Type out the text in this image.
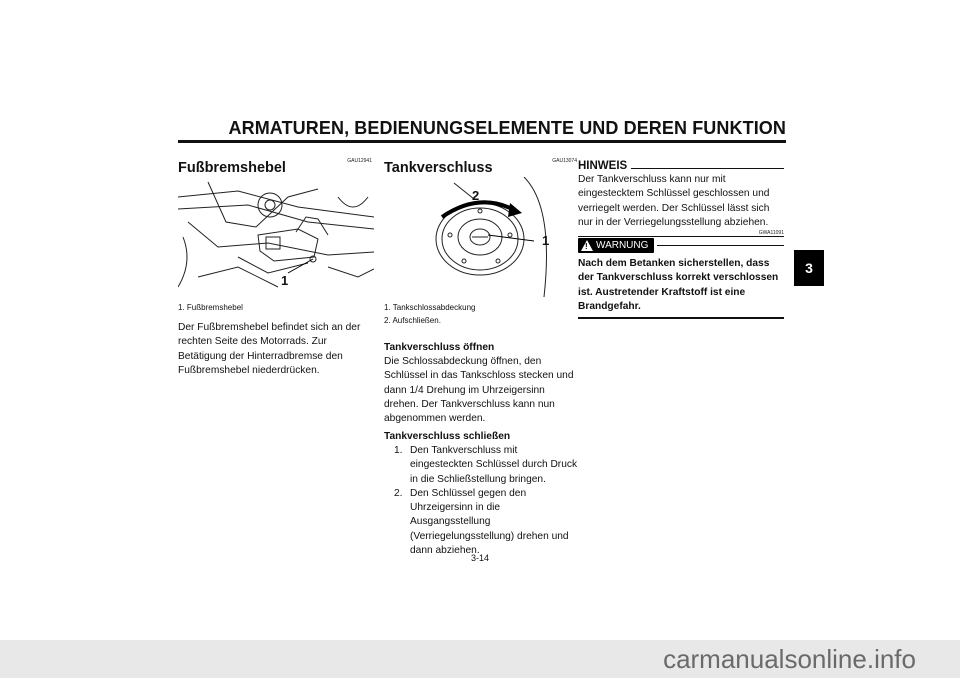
ARMATUREN, BEDIENUNGSELEMENTE UND DEREN FUNKTION
3
GAU12941
Fußbremshebel
1
1. Fußbremshebel
Der Fußbremshebel befindet sich an der rechten Seite des Motorrads. Zur Betätigung der Hinterradbremse den Fußbremshebel niederdrücken.
GAU13074
Tankverschluss
2
1
1. Tankschlossabdeckung
2. Aufschließen.
Tankverschluss öffnen
Die Schlossabdeckung öffnen, den Schlüssel in das Tankschloss stecken und dann 1/4 Drehung im Uhrzeigersinn drehen. Der Tankverschluss kann nun abgenommen werden.
Tankverschluss schließen
1. Den Tankverschluss mit eingesteckten Schlüssel durch Druck in die Schließstellung bringen.
2. Den Schlüssel gegen den Uhrzeigersinn in die Ausgangsstellung (Verriegelungsstellung) drehen und dann abziehen.
HINWEIS
Der Tankverschluss kann nur mit eingestecktem Schlüssel geschlossen und verriegelt werden. Der Schlüssel lässt sich nur in der Verriegelungsstellung abziehen.
GWA11091
! WARNUNG
Nach dem Betanken sicherstellen, dass der Tankverschluss korrekt verschlossen ist. Austretender Kraftstoff ist eine Brandgefahr.
3-14
carmanualsonline.info
